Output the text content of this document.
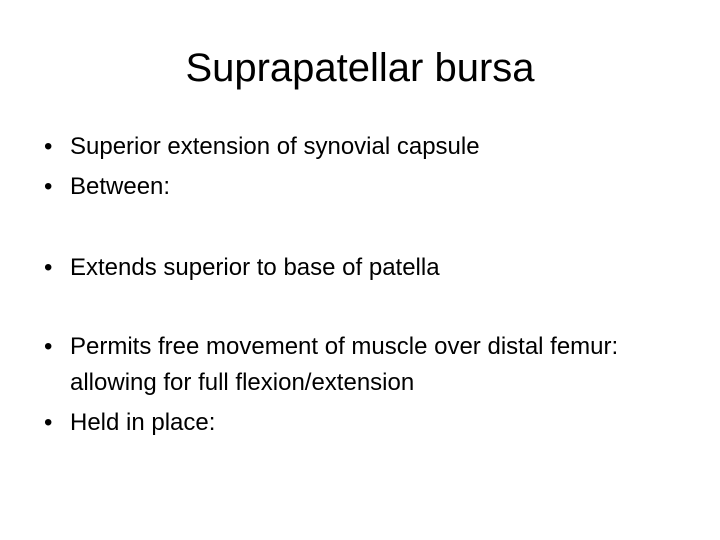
Suprapatellar bursa
• Superior extension of synovial capsule
• Between:
• Extends superior to base of patella
• Permits free movement of muscle over distal femur: allowing for full flexion/extension
• Held in place:
